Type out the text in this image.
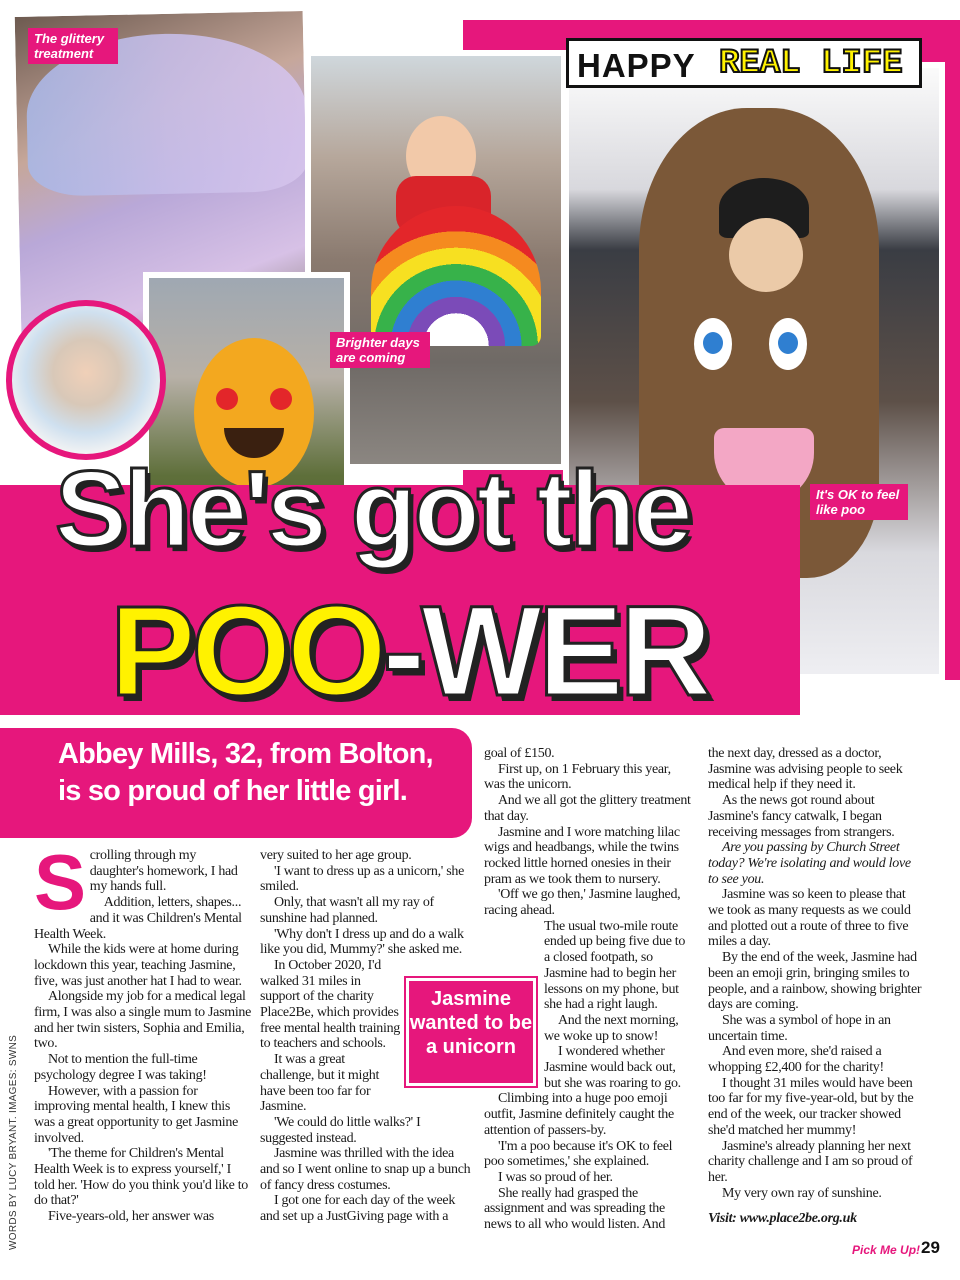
The glittery treatment
Brighter days are coming
It's OK to feel like poo
HAPPY REAL LIFE
She's got the
POO-WER

Abbey Mills, 32, from Bolton, is so proud of her little girl.

Scrolling through my daughter's homework, I had my hands full.

Addition, letters, shapes... and it was Children's Mental Health Week.

While the kids were at home during lockdown this year, teaching Jasmine, five, was just another hat I had to wear.

Alongside my job for a medical legal firm, I was also a single mum to Jasmine and her twin sisters, Sophia and Emilia, two.

Not to mention the full-time psychology degree I was taking!

However, with a passion for improving mental health, I knew this was a great opportunity to get Jasmine involved.

'The theme for Children's Mental Health Week is to express yourself,' I told her. 'How do you think you'd like to do that?'

Five-years-old, her answer was

very suited to her age group.

'I want to dress up as a unicorn,' she smiled.

Only, that wasn't all my ray of sunshine had planned.

'Why don't I dress up and do a walk like you did, Mummy?' she asked me.

In October 2020, I'd walked 31 miles in support of the charity Place2Be, which provides free mental health training to teachers and schools.

It was a great challenge, but it might have been too far for Jasmine.

'We could do little walks?' I suggested instead.

Jasmine was thrilled with the idea and so I went online to snap up a bunch of fancy dress costumes.

I got one for each day of the week and set up a JustGiving page with a

Jasmine wanted to be a unicorn

goal of £150.

First up, on 1 February this year, was the unicorn.

And we all got the glittery treatment that day.

Jasmine and I wore matching lilac wigs and headbangs, while the twins rocked little horned onesies in their pram as we took them to nursery.

'Off we go then,' Jasmine laughed, racing ahead.

The usual two-mile route ended up being five due to a closed footpath, so Jasmine had to begin her lessons on my phone, but she had a right laugh.

And the next morning, we woke up to snow!

I wondered whether Jasmine would back out, but she was roaring to go.

Climbing into a huge poo emoji outfit, Jasmine definitely caught the attention of passers-by.

'I'm a poo because it's OK to feel poo sometimes,' she explained.

I was so proud of her.

She really had grasped the assignment and was spreading the news to all who would listen. And

the next day, dressed as a doctor, Jasmine was advising people to seek medical help if they need it.

As the news got round about Jasmine's fancy catwalk, I began receiving messages from strangers.

Are you passing by Church Street today? We're isolating and would love to see you.

Jasmine was so keen to please that we took as many requests as we could and plotted out a route of three to five miles a day.

By the end of the week, Jasmine had been an emoji grin, bringing smiles to people, and a rainbow, showing brighter days are coming.

She was a symbol of hope in an uncertain time.

And even more, she'd raised a whopping £2,400 for the charity!

I thought 31 miles would have been too far for my five-year-old, but by the end of the week, our tracker showed she'd matched her mummy!

Jasmine's already planning her next charity challenge and I am so proud of her.

My very own ray of sunshine.

Visit: www.place2be.org.uk

WORDS BY LUCY BRYANT. IMAGES: SWNS	Pick Me Up! 29
